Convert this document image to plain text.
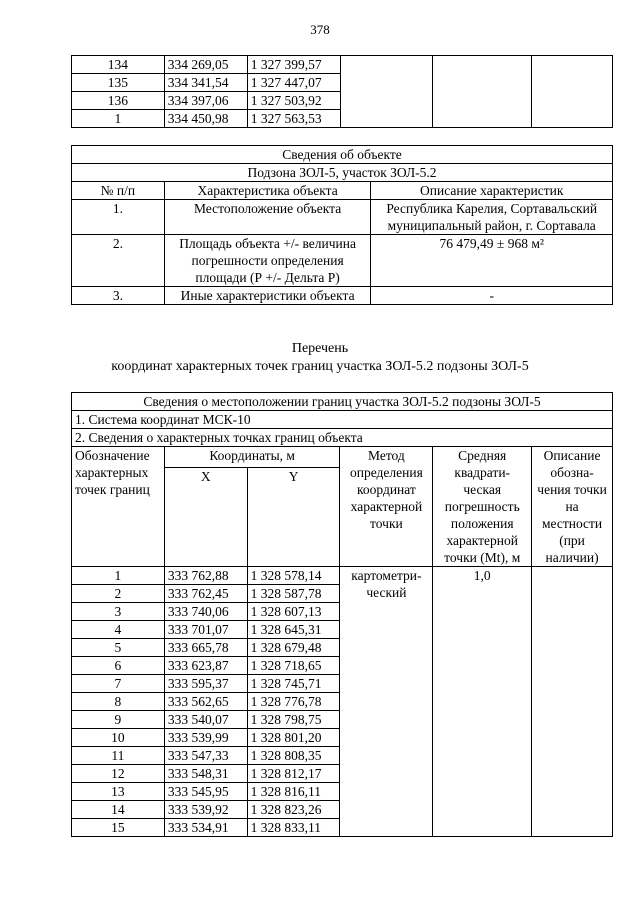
378
134	334 269,05	1 327 399,57			
135	334 341,54	1 327 447,07			
136	334 397,06	1 327 503,92			
1	334 450,98	1 327 563,53			
Сведения об объекте		
Подзона ЗОЛ-5, участок ЗОЛ-5.2		
№ п/п	Характеристика объекта	Описание характеристик
1.	Местоположение объекта	Республика Карелия, Сортавальский муниципальный район, г. Сортавала
2.	Площадь объекта +/- величина погрешности определения площади (Р +/- Дельта Р)	76 479,49 ± 968 м²
3.	Иные характеристики объекта	-
Перечень
координат характерных точек границ участка ЗОЛ-5.2 подзоны ЗОЛ-5
Сведения о местоположении границ участка ЗОЛ-5.2 подзоны ЗОЛ-5					
1. Система координат МСК-10					
2. Сведения о характерных точках границ объекта					
Обозначение характерных точек границ	Координаты, м		Метод определения координат характерной точки	Средняя квадрати-ческая погрешность положения характерной точки (Мt), м	Описание обозна-чения точки на местности (при наличии)
	X	Y			
1	333 762,88	1 328 578,14	картометри-ческий	1,0	
2	333 762,45	1 328 587,78			
3	333 740,06	1 328 607,13			
4	333 701,07	1 328 645,31			
5	333 665,78	1 328 679,48			
6	333 623,87	1 328 718,65			
7	333 595,37	1 328 745,71			
8	333 562,65	1 328 776,78			
9	333 540,07	1 328 798,75			
10	333 539,99	1 328 801,20			
11	333 547,33	1 328 808,35			
12	333 548,31	1 328 812,17			
13	333 545,95	1 328 816,11			
14	333 539,92	1 328 823,26			
15	333 534,91	1 328 833,11			
